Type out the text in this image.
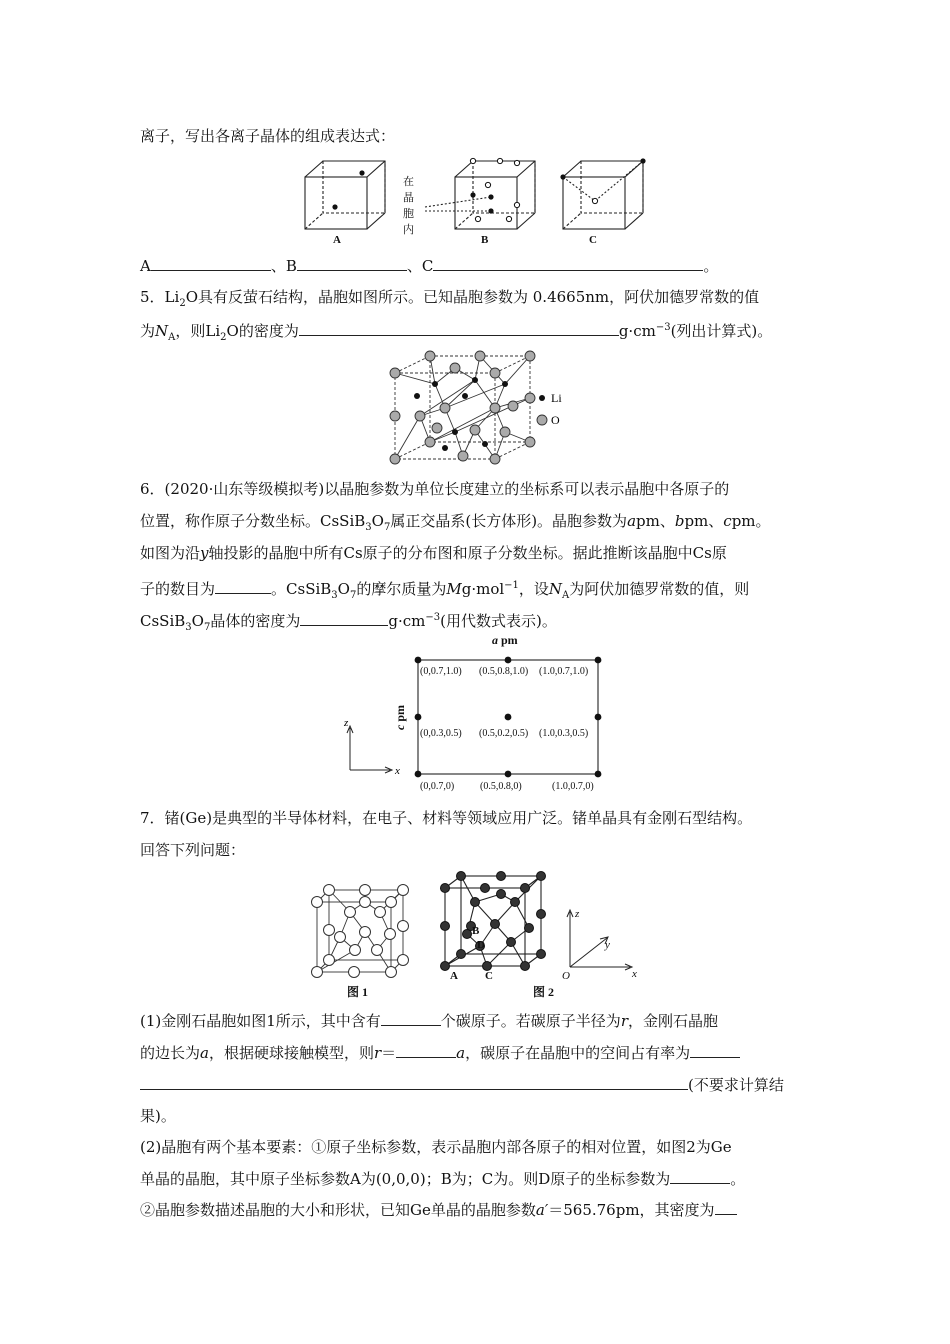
离子，写出各离子晶体的组成表达式：
在
晶
胞
内
A	B	C
A	、B	、C	。
5．$Li_2O$具有反萤石结构，晶胞如图所示。已知晶胞参数为 0.4665nm，阿伏加德罗常数的值
为$N_A$，则$Li_2O$的密度为	$g\cdot cm^{-3}$(列出计算式)。
Li
O
6．(2020·山东等级模拟考)以晶胞参数为单位长度建立的坐标系可以表示晶胞中各原子的
位置，称作原子分数坐标。$CsSiB_3O_7$属正交晶系(长方体形)。晶胞参数为apm、bpm、cpm。
如图为沿y轴投影的晶胞中所有Cs原子的分布图和原子分数坐标。据此推断该晶胞中Cs原
子的数目为	。$CsSiB_3O_7$的摩尔质量为Mg·mol$^{-1}$，设$N_A$为阿伏加德罗常数的值，则
$CsSiB_3O_7$晶体的密度为	$g\cdot cm^{-3}$(用代数式表示)。
a pm
c pm
(0,0.7,1.0) (0.5,0.8,1.0) (1.0,0.7,1.0)
(0,0.3,0.5) (0.5,0.2,0.5) (1.0,0.3,0.5)
(0,0.7,0)	(0.5,0.8,0)	(1.0,0.7,0)
z
x
7．锗(Ge)是典型的半导体材料，在电子、材料等领域应用广泛。锗单晶具有金刚石型结构。
回答下列问题：
A
B
C
D
z
y
x
O
图 1	图 2
(1)金刚石晶胞如图1所示，其中含有	个碳原子。若碳原子半径为r，金刚石晶胞
的边长为a，根据硬球接触模型，则r＝	a，碳原子在晶胞中的空间占有率为
(不要求计算结
果)。
(2)晶胞有两个基本要素：①原子坐标参数，表示晶胞内部各原子的相对位置，如图2为Ge
单晶的晶胞，其中原子坐标参数A为(0,0,0)；B为；C为。则D原子的坐标参数为	。
②晶胞参数描述晶胞的大小和形状，已知Ge单晶的晶胞参数a′＝565.76pm，其密度为
